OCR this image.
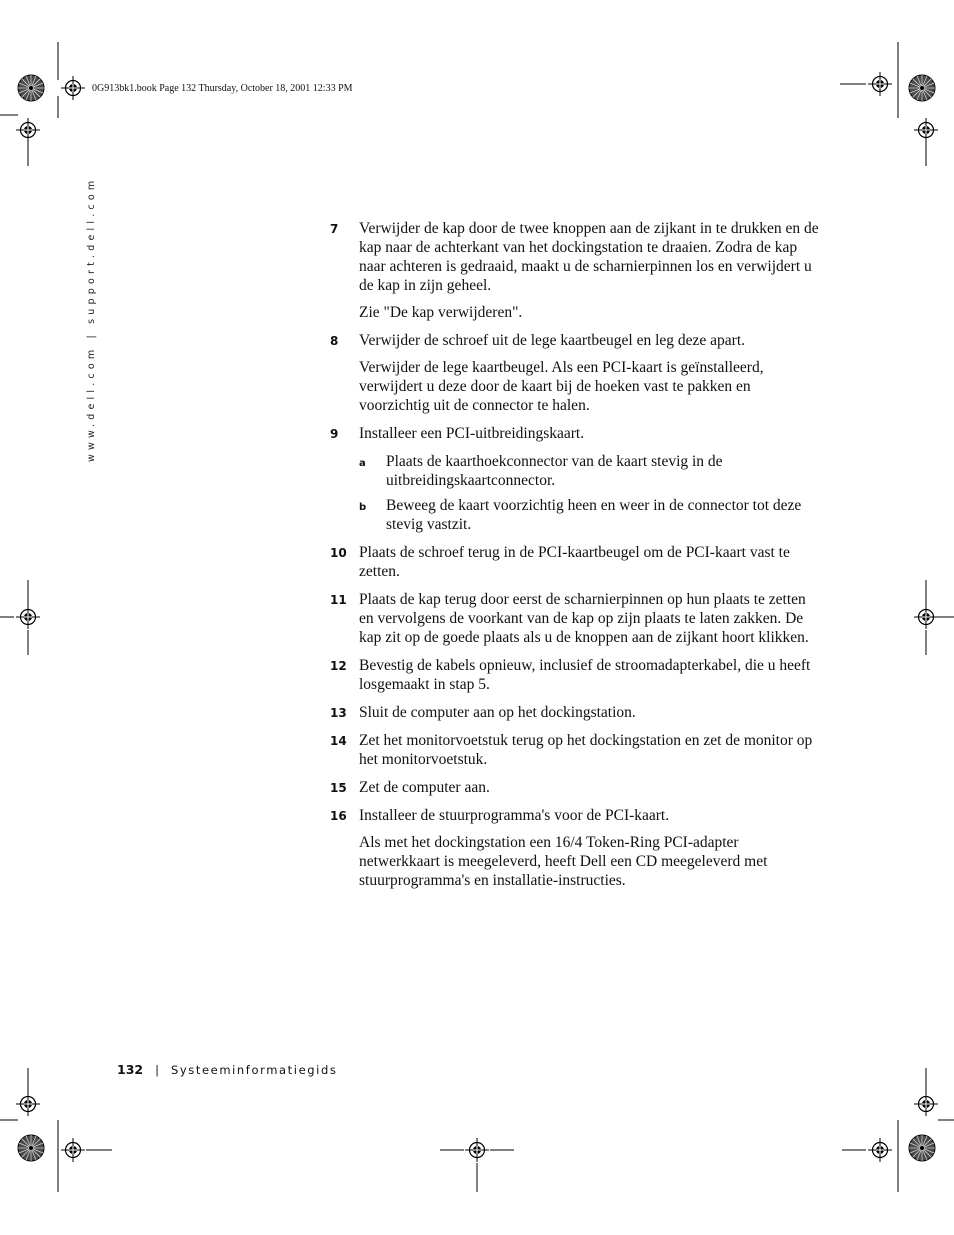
0G913bk1.book Page 132 Thursday, October 18, 2001 12:33 PM
www.dell.com | support.dell.com	7	Verwijder de kap door de twee knoppen aan de zijkant in te drukken en de kap naar de achterkant van het dockingstation te draaien. Zodra de kap naar achteren is gedraaid, maakt u de scharnierpinnen los en verwijdert u de kap in zijn geheel.
Zie "De kap verwijderen".
8	Verwijder de schroef uit de lege kaartbeugel en leg deze apart.
Verwijder de lege kaartbeugel. Als een PCI-kaart is geïnstalleerd, verwijdert u deze door de kaart bij de hoeken vast te pakken en voorzichtig uit de connector te halen.
9	Installeer een PCI-uitbreidingskaart.
a Plaats de kaarthoekconnector van de kaart stevig in de uitbreidingskaartconnector.
b Beweeg de kaart voorzichtig heen en weer in de connector tot deze stevig vastzit.
10 Plaats de schroef terug in de PCI-kaartbeugel om de PCI-kaart vast te zetten.
11 Plaats de kap terug door eerst de scharnierpinnen op hun plaats te zetten en vervolgens de voorkant van de kap op zijn plaats te laten zakken. De kap zit op de goede plaats als u de knoppen aan de zijkant hoort klikken.
12 Bevestig de kabels opnieuw, inclusief de stroomadapterkabel, die u heeft losgemaakt in stap 5.
13 Sluit de computer aan op het dockingstation.
14 Zet het monitorvoetstuk terug op het dockingstation en zet de monitor op het monitorvoetstuk.
15 Zet de computer aan.
16 Installeer de stuurprogramma's voor de PCI-kaart.
Als met het dockingstation een 16/4 Token-Ring PCI-adapter netwerkkaart is meegeleverd, heeft Dell een CD meegeleverd met stuurprogramma's en installatie-instructies.
132 | Systeeminformatiegids
